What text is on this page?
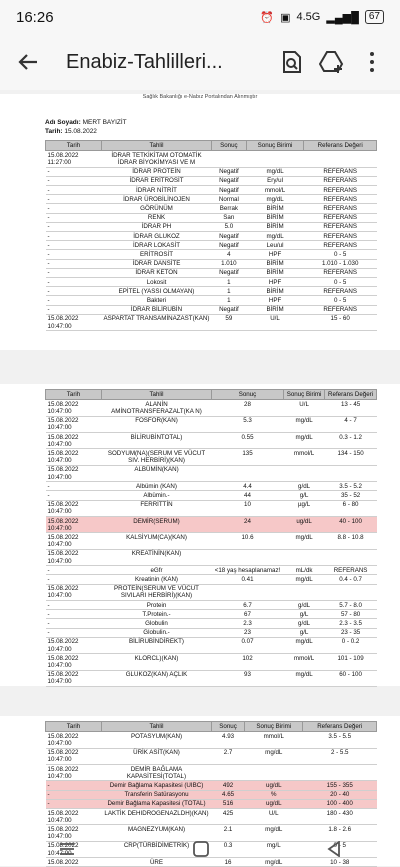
16:26	⏰ ▣ 4.5G ▂▄▆█	67
Enabiz-Tahlilleri...
Sağlık Bakanlığı e-Nabız Portalından Alınmıştır
Adı Soyadı: MERT BAYIZİT
Tarih: 15.08.2022
Tarih	Tahlil	Sonuç	Sonuç Birimi	Referans Değeri
15.08.2022 11:27:00	İDRAR TETKİKİTAM OTOMATİK İDRAR BİYOKİMYASI VE M			
-	İDRAR PROTEİN	Negatif	mg/dL	REFERANS
-	İDRAR ERİTROSİT	Negatif	Ery/ul	REFERANS
-	İDRAR NİTRİT	Negatif	mmol/L	REFERANS
-	İDRAR ÜROBİLİNOJEN	Normal	mg/dL	REFERANS
-	GÖRÜNÜM	Berrak	BİRİM	REFERANS
-	RENK	Sarı	BİRİM	REFERANS
-	İDRAR PH	5.0	BİRİM	REFERANS
-	İDRAR GLUKOZ	Negatif	mg/dL	REFERANS
-	İDRAR LOKASİT	Negatif	Leu/ul	REFERANS
-	ERİTROSİT	4	HPF	0 - 5
-	İDRAR DANSİTE	1.010	BİRİM	1.010 - 1.030
-	İDRAR KETON	Negatif	BİRİM	REFERANS
-	Lokosit	1	HPF	0 - 5
-	EPİTEL (YASSI OLMAYAN)	1	BİRİM	REFERANS
-	Bakteri	1	HPF	0 - 5
-	İDRAR BİLİRUBİN	Negatif	BİRİM	REFERANS
15.08.2022 10:47:00	ASPARTAT TRANSAMİNAZAST(KAN)	59	U/L	15 - 60
Tarih	Tahlil	Sonuç	Sonuç Birimi	Referans Değeri
15.08.2022 10:47:00	ALANİN AMİNOTRANSFERAZALT(KA N)	28	U/L	13 - 45
15.08.2022 10:47:00	FOSFOR(KAN)	5.3	mg/dL	4 - 7
15.08.2022 10:47:00	BİLİRUBİNTOTAL)	0.55	mg/dL	0.3 - 1.2
15.08.2022 10:47:00	SODYUM(NA)(SERUM VE VÜCUT SIV. HERBİRİ)(KAN)	135	mmol/L	134 - 150
15.08.2022 10:47:00	ALBÜMİN(KAN)			
-	Albümin (KAN)	4.4	g/dL	3.5 - 5.2
-	Albümin.-	44	g/L	35 - 52
15.08.2022 10:47:00	FERRİTTİN	10	µg/L	6 - 80
15.08.2022 10:47:00	DEMİR(SERUM)	24	ug/dL	40 - 100
15.08.2022 10:47:00	KALSİYUM(CA)(KAN)	10.6	mg/dL	8.8 - 10.8
15.08.2022 10:47:00	KREATİNİN(KAN)			
-	eGfr	<18 yaş hesaplanamaz!	mL/dk	REFERANS
-	Kreatinin (KAN)	0.41	mg/dL	0.4 - 0.7
15.08.2022 10:47:00	PROTEİN(SERUM VE VÜCUT SIVILARI HERBİRİ)(KAN)			
-	Protein	6.7	g/dL	5.7 - 8.0
-	T.Protein.-	67	g/L	57 - 80
-	Globulin	2.3	g/dL	2.3 - 3.5
-	Globulin.-	23	g/L	23 - 35
15.08.2022 10:47:00	BİLİRUBİNDİREKT)	0.07	mg/dL	0 - 0.2
15.08.2022 10:47:00	KLORCL)(KAN)	102	mmol/L	101 - 109
15.08.2022 10:47:00	GLUKOZ(KAN) AÇLIK	93	mg/dL	60 - 100
Tarih	Tahlil	Sonuç	Sonuç Birimi	Referans Değeri
15.08.2022 10:47:00	POTASYUM(KAN)	4.93	mmol/L	3.5 - 5.5
15.08.2022 10:47:00	ÜRİK ASİT(KAN)	2.7	mg/dL	2 - 5.5
15.08.2022 10:47:00	DEMİR BAĞLAMA KAPASİTESİ(TOTAL)			
-	Demir Bağlama Kapasitesi (UIBC)	492	ug/dL	155 - 355
-	Transferin Satürasyonu	4.65	%	20 - 40
-	Demir Bağlama Kapasitesi (TOTAL)	516	ug/dL	100 - 400
15.08.2022 10:47:00	LAKTİK DEHIDROGENAZLDH)(KAN)	425	U/L	180 - 430
15.08.2022 10:47:00	MAGNEZYUM(KAN)	2.1	mg/dL	1.8 - 2.6
15.08.2022 10:47:00	CRP(TÜRBİDİMETRİK)	0.3	mg/L	0 - 5
15.08.2022	ÜRE	16	mg/dL	10 - 38
